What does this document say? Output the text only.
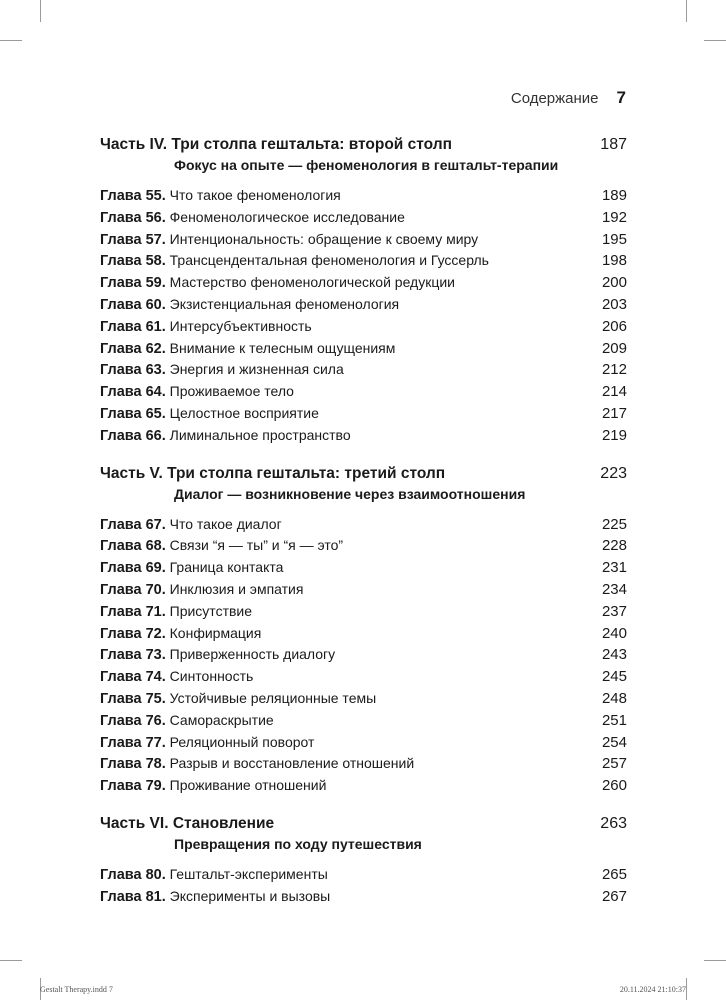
Содержание 7
Часть IV. Три столпа гештальта: второй столп	187
Фокус на опыте — феноменология в гештальт-терапии
Глава 55. Что такое феноменология	189
Глава 56. Феноменологическое исследование	192
Глава 57. Интенциональность: обращение к своему миру	195
Глава 58. Трансцендентальная феноменология и Гуссерль	198
Глава 59. Мастерство феноменологической редукции	200
Глава 60. Экзистенциальная феноменология	203
Глава 61. Интерсубъективность	206
Глава 62. Внимание к телесным ощущениям	209
Глава 63. Энергия и жизненная сила	212
Глава 64. Проживаемое тело	214
Глава 65. Целостное восприятие	217
Глава 66. Лиминальное пространство	219
Часть V. Три столпа гештальта: третий столп	223
Диалог — возникновение через взаимоотношения
Глава 67. Что такое диалог	225
Глава 68. Связи “я — ты” и “я — это”	228
Глава 69. Граница контакта	231
Глава 70. Инклюзия и эмпатия	234
Глава 71. Присутствие	237
Глава 72. Конфирмация	240
Глава 73. Приверженность диалогу	243
Глава 74. Синтонность	245
Глава 75. Устойчивые реляционные темы	248
Глава 76. Самораскрытие	251
Глава 77. Реляционный поворот	254
Глава 78. Разрыв и восстановление отношений	257
Глава 79. Проживание отношений	260
Часть VI. Становление	263
Превращения по ходу путешествия
Глава 80. Гештальт-эксперименты	265
Глава 81. Эксперименты и вызовы	267
Gestalt Therapy.indd 7	20.11.2024 21:10:37
